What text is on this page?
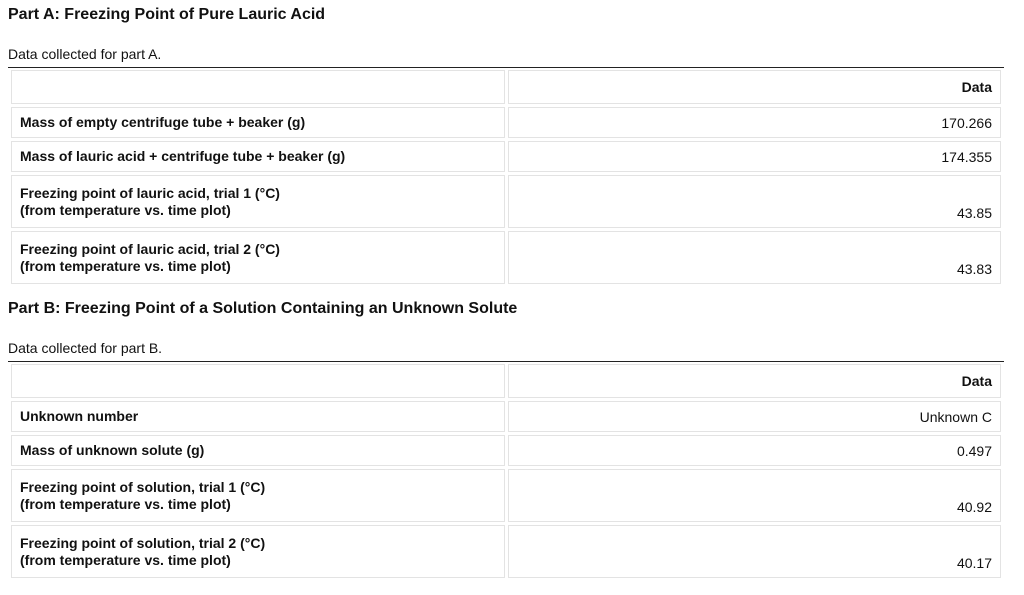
Part A: Freezing Point of Pure Lauric Acid
Data collected for part A.
	Data

Mass of empty centrifuge tube + beaker (g)	170.266

Mass of lauric acid + centrifuge tube + beaker (g)	174.355

Freezing point of lauric acid, trial 1 (°C)
(from temperature vs. time plot)	43.85

Freezing point of lauric acid, trial 2 (°C)
(from temperature vs. time plot)	43.83
Part B: Freezing Point of a Solution Containing an Unknown Solute
Data collected for part B.
	Data

Unknown number	Unknown C

Mass of unknown solute (g)	0.497

Freezing point of solution, trial 1 (°C)
(from temperature vs. time plot)	40.92

Freezing point of solution, trial 2 (°C)
(from temperature vs. time plot)	40.17
